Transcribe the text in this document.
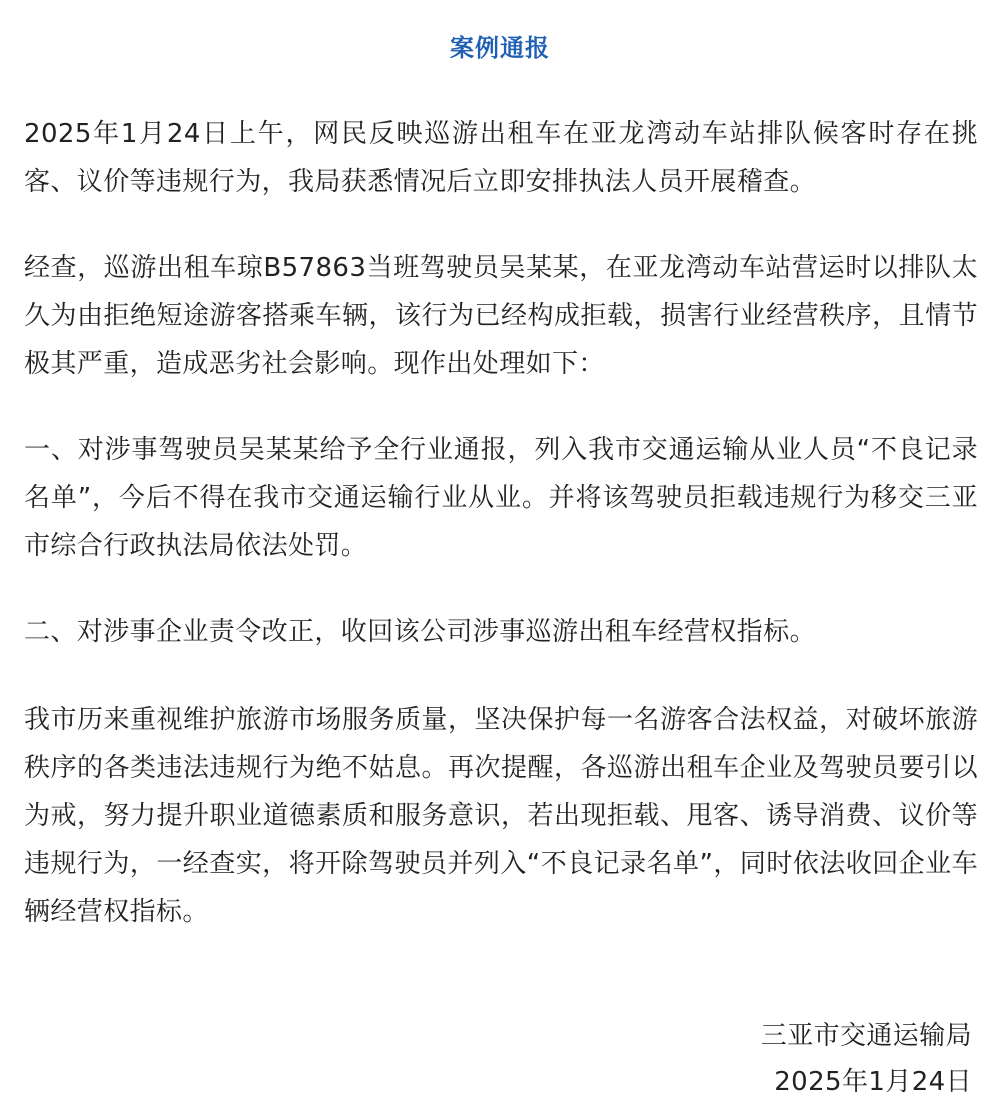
案例通报

2025年1月24日上午，网民反映巡游出租车在亚龙湾动车站排队候客时存在挑客、议价等违规行为，我局获悉情况后立即安排执法人员开展稽查。

经查，巡游出租车琼B57863当班驾驶员吴某某，在亚龙湾动车站营运时以排队太久为由拒绝短途游客搭乘车辆，该行为已经构成拒载，损害行业经营秩序，且情节极其严重，造成恶劣社会影响。现作出处理如下：

一、对涉事驾驶员吴某某给予全行业通报，列入我市交通运输从业人员“不良记录名单”，今后不得在我市交通运输行业从业。并将该驾驶员拒载违规行为移交三亚市综合行政执法局依法处罚。

二、对涉事企业责令改正，收回该公司涉事巡游出租车经营权指标。

我市历来重视维护旅游市场服务质量，坚决保护每一名游客合法权益，对破坏旅游秩序的各类违法违规行为绝不姑息。再次提醒，各巡游出租车企业及驾驶员要引以为戒，努力提升职业道德素质和服务意识，若出现拒载、甩客、诱导消费、议价等违规行为，一经查实，将开除驾驶员并列入“不良记录名单”，同时依法收回企业车辆经营权指标。

三亚市交通运输局
2025年1月24日
